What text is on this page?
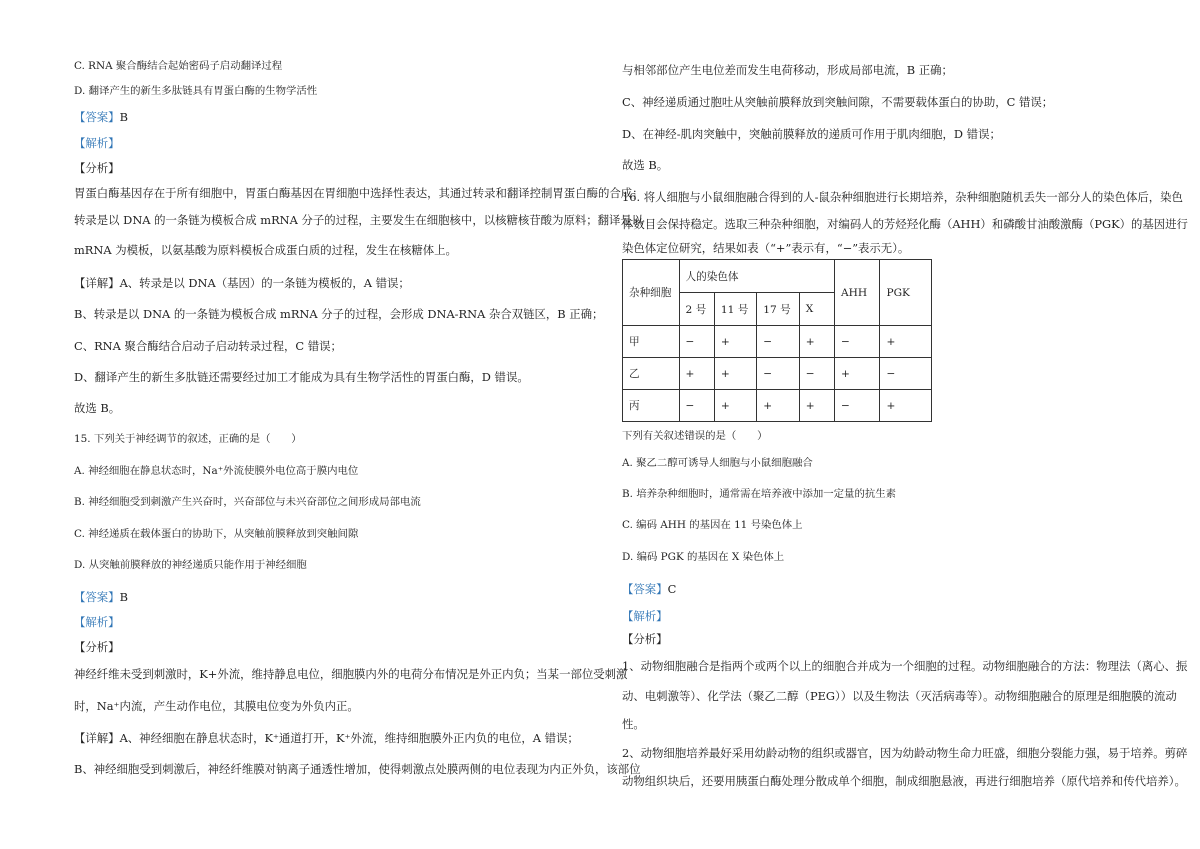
C. RNA 聚合酶结合起始密码子启动翻译过程
D. 翻译产生的新生多肽链具有胃蛋白酶的生物学活性
【答案】B
【解析】
【分析】
胃蛋白酶基因存在于所有细胞中，胃蛋白酶基因在胃细胞中选择性表达，其通过转录和翻译控制胃蛋白酶的合成；
转录是以 DNA 的一条链为模板合成 mRNA 分子的过程，主要发生在细胞核中，以核糖核苷酸为原料；翻译是以
mRNA 为模板，以氨基酸为原料模板合成蛋白质的过程，发生在核糖体上。
【详解】A、转录是以 DNA（基因）的一条链为模板的，A 错误；
B、转录是以 DNA 的一条链为模板合成 mRNA 分子的过程，会形成 DNA-RNA 杂合双链区，B 正确；
C、RNA 聚合酶结合启动子启动转录过程，C 错误；
D、翻译产生的新生多肽链还需要经过加工才能成为具有生物学活性的胃蛋白酶，D 错误。
故选 B。
15. 下列关于神经调节的叙述，正确的是（　　）
A. 神经细胞在静息状态时，Na⁺外流使膜外电位高于膜内电位
B. 神经细胞受到刺激产生兴奋时，兴奋部位与未兴奋部位之间形成局部电流
C. 神经递质在载体蛋白的协助下，从突触前膜释放到突触间隙
D. 从突触前膜释放的神经递质只能作用于神经细胞
【答案】B
【解析】
【分析】
神经纤维未受到刺激时，K+外流，维持静息电位，细胞膜内外的电荷分布情况是外正内负；当某一部位受刺激
时，Na⁺内流，产生动作电位，其膜电位变为外负内正。
【详解】A、神经细胞在静息状态时，K⁺通道打开，K⁺外流，维持细胞膜外正内负的电位，A 错误；
B、神经细胞受到刺激后，神经纤维膜对钠离子通透性增加，使得刺激点处膜两侧的电位表现为内正外负，该部位
与相邻部位产生电位差而发生电荷移动，形成局部电流，B 正确；
C、神经递质通过胞吐从突触前膜释放到突触间隙，不需要载体蛋白的协助，C 错误；
D、在神经-肌肉突触中，突触前膜释放的递质可作用于肌肉细胞，D 错误；
故选 B。
16. 将人细胞与小鼠细胞融合得到的人-鼠杂种细胞进行长期培养，杂种细胞随机丢失一部分人的染色体后，染色
体数目会保持稳定。选取三种杂种细胞，对编码人的芳烃羟化酶（AHH）和磷酸甘油酸激酶（PGK）的基因进行
染色体定位研究，结果如表（“+”表示有，“−”表示无）。
杂种细胞	人的染色体				AHH	PGK
	2 号	11 号	17 号	X		
甲	−	+	−	+	−	+
乙	+	+	−	−	+	−
丙	−	+	+	+	−	+
下列有关叙述错误的是（　　）
A. 聚乙二醇可诱导人细胞与小鼠细胞融合
B. 培养杂种细胞时，通常需在培养液中添加一定量的抗生素
C. 编码 AHH 的基因在 11 号染色体上
D. 编码 PGK 的基因在 X 染色体上
【答案】C
【解析】
【分析】
1、动物细胞融合是指两个或两个以上的细胞合并成为一个细胞的过程。动物细胞融合的方法：物理法（离心、振
动、电刺激等）、化学法（聚乙二醇（PEG））以及生物法（灭活病毒等）。动物细胞融合的原理是细胞膜的流动
性。
2、动物细胞培养最好采用幼龄动物的组织或器官，因为幼龄动物生命力旺盛，细胞分裂能力强，易于培养。剪碎
动物组织块后，还要用胰蛋白酶处理分散成单个细胞，制成细胞悬液，再进行细胞培养（原代培养和传代培养）。
